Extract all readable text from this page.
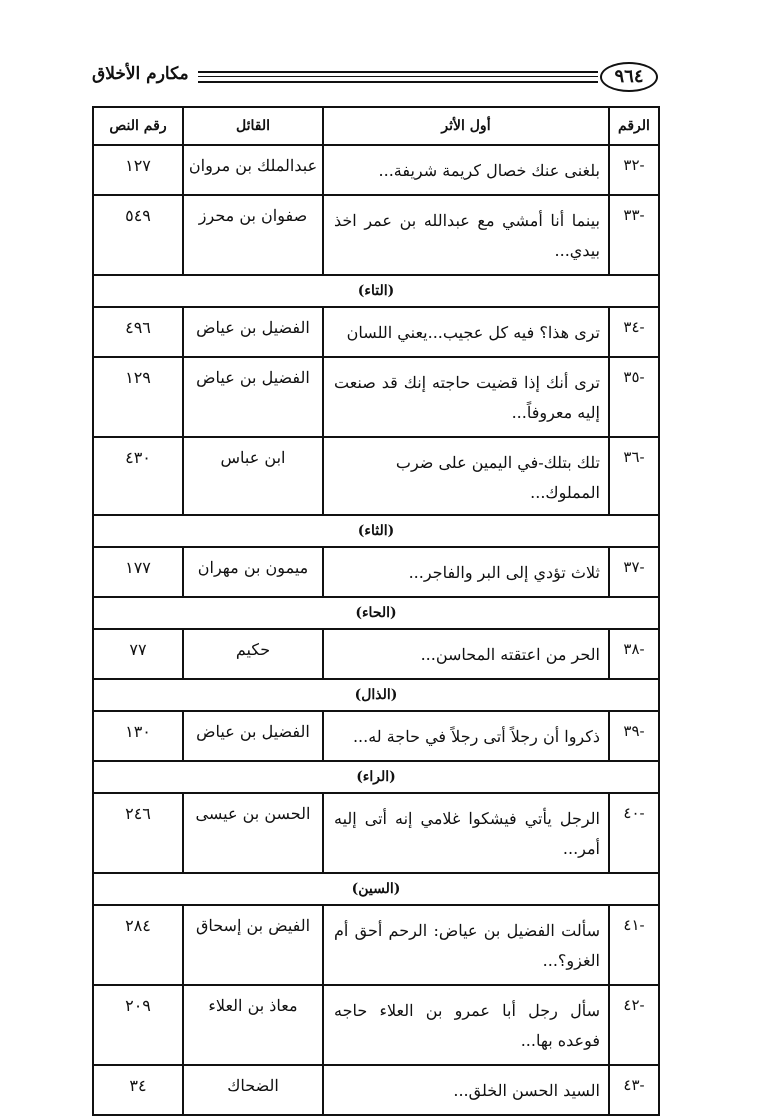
٩٦٤
مكارم الأخلاق
الرقم	أول الأثر	القائل	رقم النص
-٣٢	بلغنى عنك خصال كريمة شريفة...	عبدالملك بن مروان	١٢٧
-٣٣	بينما أنا أمشي مع عبدالله بن عمر اخذ بيدي...	صفوان بن محرز	٥٤٩
(التاء)			
-٣٤	ترى هذا؟ فيه كل عجيب...يعني اللسان	الفضيل بن عياض	٤٩٦
-٣٥	ترى أنك إذا قضيت حاجته إنك قد صنعت إليه معروفاً...	الفضيل بن عياض	١٢٩
-٣٦	تلك بتلك-في اليمين على ضرب المملوك...	ابن عباس	٤٣٠
(الثاء)			
-٣٧	ثلاث تؤدي إلى البر والفاجر...	ميمون بن مهران	١٧٧
(الحاء)			
-٣٨	الحر من اعتقته المحاسن...	حكيم	٧٧
(الذال)			
-٣٩	ذكروا أن رجلاً أتى رجلاً في حاجة له...	الفضيل بن عياض	١٣٠
(الراء)			
-٤٠	الرجل يأتي فيشكوا غلامي إنه أتى إليه أمر...	الحسن بن عيسى	٢٤٦
(السين)			
-٤١	سألت الفضيل بن عياض: الرحم أحق أم الغزو؟...	الفيض بن إسحاق	٢٨٤
-٤٢	سأل رجل أبا عمرو بن العلاء حاجه فوعده بها...	معاذ بن العلاء	٢٠٩
-٤٣	السيد الحسن الخلق...	الضحاك	٣٤
